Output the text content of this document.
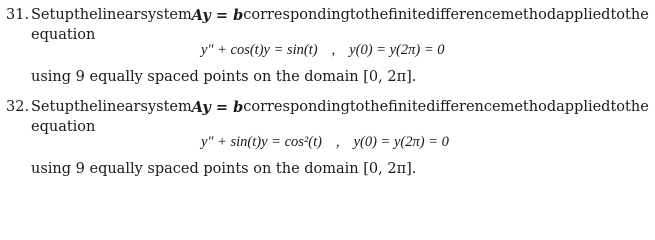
31. Setup the linear system Ay = b corresponding to the finite difference method applied to the
equation
y″ + cos(t)y = sin(t) , y(0) = y(2π) = 0
using 9 equally spaced points on the domain [0, 2π].
32. Setup the linear system Ay = b corresponding to the finite difference method applied to the
equation
y″ + sin(t)y = cos²(t) , y(0) = y(2π) = 0
using 9 equally spaced points on the domain [0, 2π].
